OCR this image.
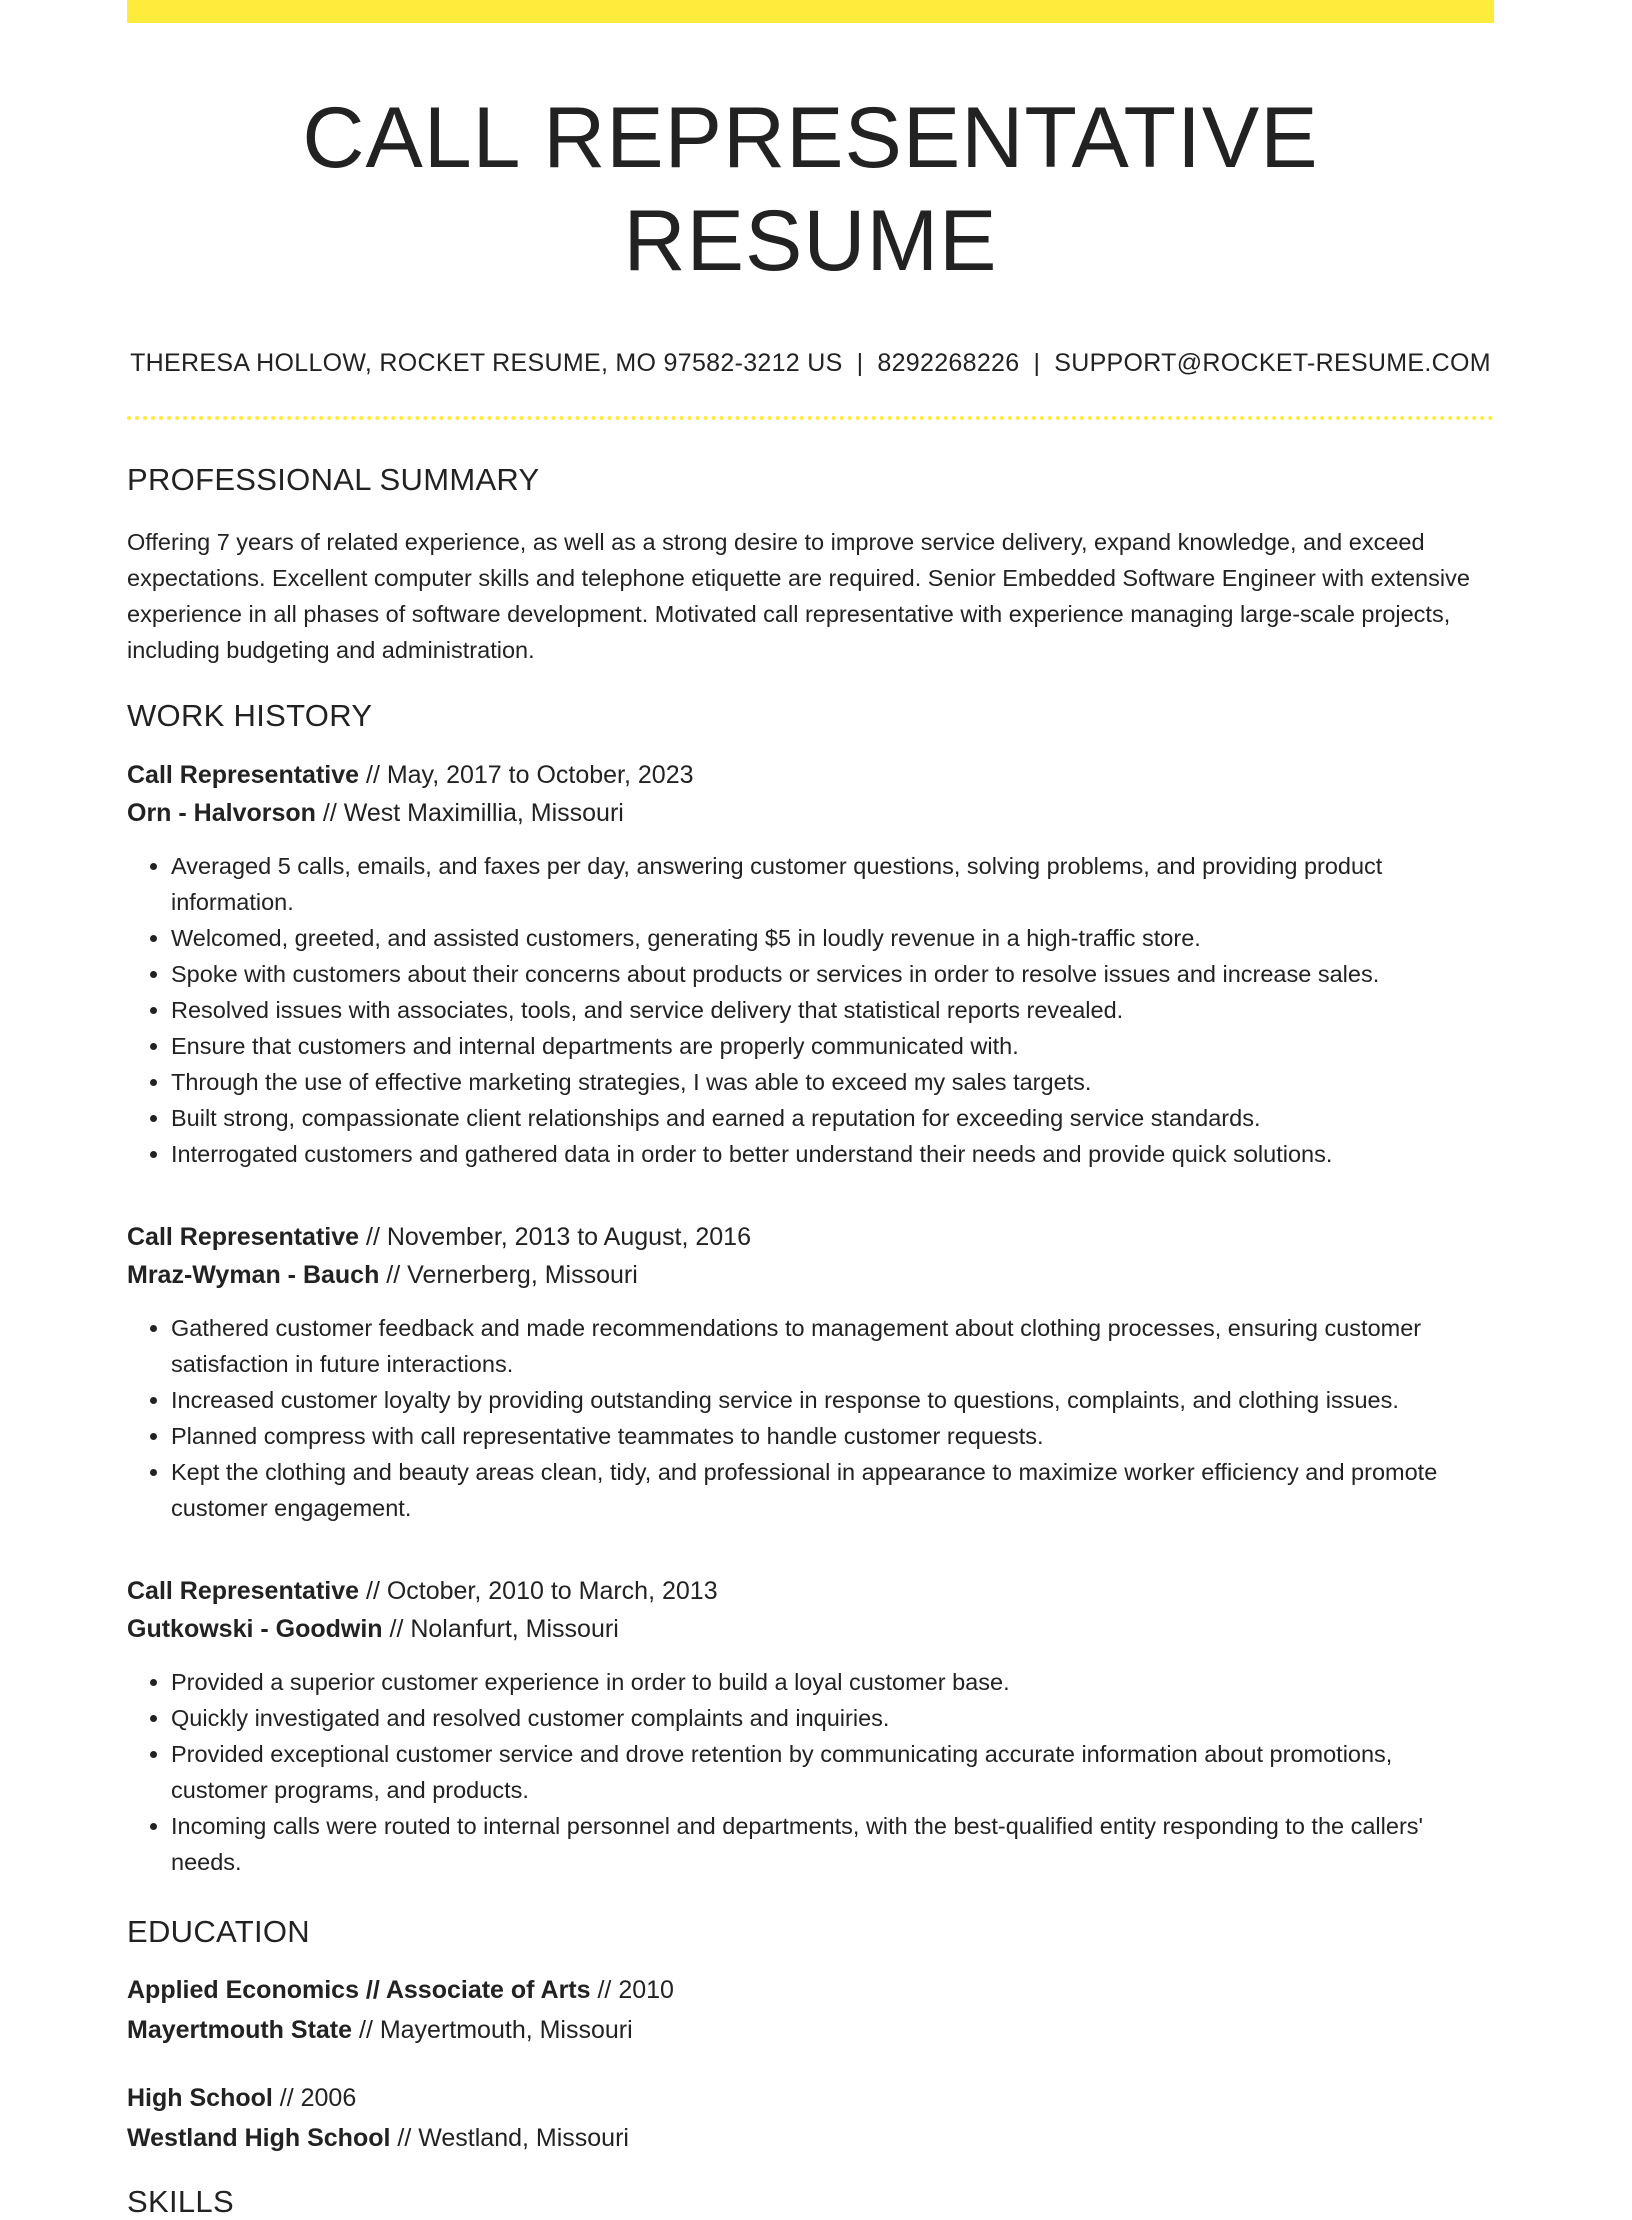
CALL REPRESENTATIVE RESUME
THERESA HOLLOW, ROCKET RESUME, MO 97582-3212 US | 8292268226 | SUPPORT@ROCKET-RESUME.COM
PROFESSIONAL SUMMARY
Offering 7 years of related experience, as well as a strong desire to improve service delivery, expand knowledge, and exceed expectations. Excellent computer skills and telephone etiquette are required. Senior Embedded Software Engineer with extensive experience in all phases of software development. Motivated call representative with experience managing large-scale projects, including budgeting and administration.
WORK HISTORY
Call Representative // May, 2017 to October, 2023
Orn - Halvorson // West Maximillia, Missouri
• Averaged 5 calls, emails, and faxes per day, answering customer questions, solving problems, and providing product information.
• Welcomed, greeted, and assisted customers, generating $5 in loudly revenue in a high-traffic store.
• Spoke with customers about their concerns about products or services in order to resolve issues and increase sales.
• Resolved issues with associates, tools, and service delivery that statistical reports revealed.
• Ensure that customers and internal departments are properly communicated with.
• Through the use of effective marketing strategies, I was able to exceed my sales targets.
• Built strong, compassionate client relationships and earned a reputation for exceeding service standards.
• Interrogated customers and gathered data in order to better understand their needs and provide quick solutions.
Call Representative // November, 2013 to August, 2016
Mraz-Wyman - Bauch // Vernerberg, Missouri
• Gathered customer feedback and made recommendations to management about clothing processes, ensuring customer satisfaction in future interactions.
• Increased customer loyalty by providing outstanding service in response to questions, complaints, and clothing issues.
• Planned compress with call representative teammates to handle customer requests.
• Kept the clothing and beauty areas clean, tidy, and professional in appearance to maximize worker efficiency and promote customer engagement.
Call Representative // October, 2010 to March, 2013
Gutkowski - Goodwin // Nolanfurt, Missouri
• Provided a superior customer experience in order to build a loyal customer base.
• Quickly investigated and resolved customer complaints and inquiries.
• Provided exceptional customer service and drove retention by communicating accurate information about promotions, customer programs, and products.
• Incoming calls were routed to internal personnel and departments, with the best-qualified entity responding to the callers' needs.
EDUCATION
Applied Economics // Associate of Arts // 2010
Mayertmouth State // Mayertmouth, Missouri
High School // 2006
Westland High School // Westland, Missouri
SKILLS
